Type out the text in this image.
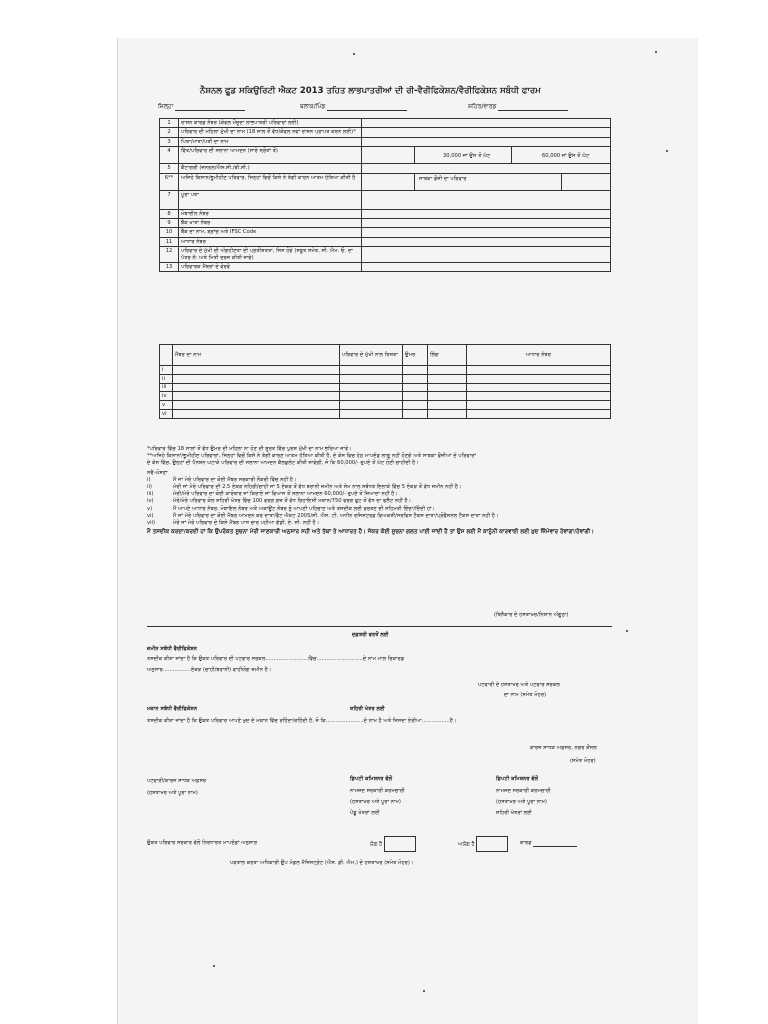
ਨੈਸ਼ਨਲ ਫੂਡ ਸਕਿਉਰਿਟੀ ਐਕਟ 2013 ਤਹਿਤ ਲਾਭਪਾਤਰੀਆਂ ਦੀ ਰੀ-ਵੈਰੀਫਿਕੇਸ਼ਨ/ਵੈਰੀਫਿਕੇਸ਼ਨ ਸਬੰਧੀ ਫਾਰਮ
ਜ਼ਿਲ੍ਹਾ	ਬਲਾਕ/ਪਿੰਡ	ਸ਼ਹਿਰ/ਵਾਰਡ
1	ਰਾਸ਼ਨ ਕਾਰਡ ਨੰਬਰ (ਕੇਵਲ ਮੌਜੂਦਾ ਲਾਭਪਾਤਰੀ ਪਰਿਵਾਰਾਂ ਲਈ)	
2	ਪਰਿਵਾਰ ਦੀ ਮਹਿਲਾ ਮੁੱਖੀ ਦਾ ਨਾਮ (18 ਸਾਲ ਤੋਂ ਵੱਧ/ਕੇਵਲ ਨਵਾਂ ਰਾਸ਼ਨ ਪ੍ਰਾਪਤ ਕਰਨ ਲਈ)*	
3	ਪਿਤਾ/ਮਾਤਾ/ਪਤੀ ਦਾ ਨਾਮ	
4	ਵਿੱਤ/ਪਰਿਵਾਰ ਦੀ ਸਲਾਨਾ ਆਮਦਨ (ਸਾਰੇ ਸ੍ਰੋਤਾਂ ਤੋਂ)	30,000 ਜਾਂ ਉਸ ਤੋਂ ਘੱਟ 60,000 ਜਾਂ ਉਸ ਤੋਂ ਘੱਟ

5	ਕੈਟਾਗਰੀ (ਜਨਰਲ/ਐਸ.ਸੀ./ਬੀ.ਸੀ.)	
6**	ਅਜਿਹੇ ਕਿਸਾਨ/ਭੂਮੀਹੀਣ ਪਰਿਵਾਰ, ਜਿਨ੍ਹਾਂ ਵਿਚੋਂ ਕਿਸੇ ਨੇ ਤੰਗੀ ਕਾਰਨ ਆਤਮ ਹੱਤਿਆ ਕੀਤੀ ਹੈ	ਸਾਬਕਾ ਫੌਜੀ ਦਾ ਪਰਿਵਾਰ

7	ਪੂਰਾ ਪਤਾ	
8	ਮੋਬਾਈਲ ਨੰਬਰ	
9	ਬੈਂਕ ਖਾਤਾ ਨੰਬਰ	
10	ਬੈਂਕ ਦਾ ਨਾਮ, ਬ੍ਰਾਂਚ ਅਤੇ IFSC Code	
11	ਆਧਾਰ ਨੰਬਰ	
12	ਪਰਿਵਾਰ ਦੇ ਮੁੱਖੀ ਦੀ ਅੰਗਹੀਣਤਾ ਦੀ ਪ੍ਰਤੀਸ਼ਤਤਾ, ਜਿਸ ਹੋਵੇ (ਸਬੂਤ ਸਮੇਤ, ਸੀ. ਐਮ. ਓ. ਦਾ ਪੱਤਰ ਨੱ: ਅਤੇ ਮਿਤੀ ਦਰਜ ਕੀਤੀ ਜਾਵੇ)	
13	ਪਰਿਵਾਰਕ ਮੈਂਬਰਾਂ ਦੇ ਵੇਰਵੇ	
	ਮੈਂਬਰ ਦਾ ਨਾਮ	ਪਰਿਵਾਰ ਦੇ ਮੁੱਖੀ ਨਾਲ ਰਿਸ਼ਤਾ	ਉਮਰ	ਲਿੰਗ	ਆਧਾਰ ਨੰਬਰ
i					
ii					
iii					
iv					
v					
vi					

*ਪਰਿਵਾਰ ਵਿੱਚ 18 ਸਾਲਾਂ ਤੋਂ ਵੱਧ ਉਮਰ ਦੀ ਮਹਿਲਾ ਨਾ ਹੋਣ ਦੀ ਸੂਰਤ ਵਿੱਚ ਪੁਰਸ਼ ਮੁੱਖੀ ਦਾ ਨਾਮ ਭਰਿਆ ਜਾਵੇ।

**ਅਜਿਹੇ ਕਿਸਾਨਾਂ/ਭੂਮੀਹੀਣ ਪਰਿਵਾਰਾਂ, ਜਿਨ੍ਹਾਂ ਵਿਚੋਂ ਕਿਸੇ ਨੇ ਤੰਗੀ ਕਾਰਣ ਆਤਮ ਹੱਤਿਆ ਕੀਤੀ ਹੈ, ਦੇ ਕੇਸ ਵਿਚ ਹੇਠ ਮਾਪਦੰਡ ਲਾਗੂ ਨਹੀਂ ਹੋਣਗੇ ਅਤੇ ਸਾਬਕਾ ਫੌਜੀਆਂ ਦੇ ਪਰਿਵਾਰਾਂ

ਦੇ ਕੇਸ ਵਿੱਚ, ਉਨ੍ਹਾਂ ਦੀ ਪੈਨਸ਼ਨ ਘਟਾਕੇ ਪਰਿਵਾਰ ਦੀ ਸਲਾਨਾ ਆਮਦਨ ਕੈਲਕੁਲੇਟ ਕੀਤੀ ਜਾਵੇਗੀ, ਜੋ ਕਿ 60,000/- ਰੁਪਏ ਤੋਂ ਘੱਟ ਹੋਣੀ ਚਾਹੀਦੀ ਹੈ।

ਸਵੈ-ਘੋਸ਼ਣਾ

i)	ਮੈਂ ਜਾਂ ਮੇਰੇ ਪਰਿਵਾਰ ਦਾ ਕੋਈ ਮੈਂਬਰ ਸਰਕਾਰੀ ਨੌਕਰੀ ਵਿੱਚ ਨਹੀਂ ਹੈ।
ii)	ਮੇਰੀ ਜਾਂ ਮੇਰੇ ਪਰਿਵਾਰ ਦੀ 2.5 ਏਕੜ ਨਹਿਰੀ/ਚਾਹੀ ਜਾਂ 5 ਏਕੜ ਤੋਂ ਵੱਧ ਬਰਾਨੀ ਜ਼ਮੀਨ ਅਤੇ ਸੇਮ ਨਾਲ ਸਬੰਧਤ ਇਲਾਕੇ ਵਿੱਚ 5 ਏਕੜ ਤੋਂ ਵੱਧ ਜ਼ਮੀਨ ਨਹੀਂ ਹੈ।
iii)	ਮੇਰੀ/ਮੇਰੇ ਪਰਿਵਾਰ ਦਾ ਕੋਈ ਕਾਰੋਬਾਰ ਜਾਂ ਕਿਰਾਏ ਜਾਂ ਵਿਆਜ ਤੋਂ ਸਲਾਨਾ ਆਮਦਨ 60,000/- ਰੁਪਏ ਤੋਂ ਜ਼ਿਆਦਾ ਨਹੀਂ ਹੈ।
iv)	ਮੇਰੇ/ਮੇਰੇ ਪਰਿਵਾਰ ਕੋਲ ਸ਼ਹਿਰੀ ਖੇਤਰ ਵਿੱਚ 100 ਵਰਗ ਗਜ਼ ਤੋਂ ਵੱਧ ਰਿਹਾਇਸ਼ੀ ਮਕਾਨ/750 ਵਰਗ ਫੁਟ ਤੋਂ ਵੱਧ ਦਾ ਫਲੈਟ ਨਹੀਂ ਹੈ।
v)	ਮੈਂ ਆਪਣੇ ਆਧਾਰ ਨੰਬਰ, ਮੋਬਾਇਲ ਨੰਬਰ ਅਤੇ ਅਕਾਊਂਟ ਨੰਬਰ ਨੂੰ ਆਪਣੀ ਪਹਿਚਾਣ ਅਤੇ ਤਸਦੀਕ ਲਈ ਵਰਤਣ ਦੀ ਸਹਿਮਤੀ ਦਿੰਦਾ/ਦਿੰਦੀ ਹਾਂ।
vi)	ਮੈਂ ਜਾਂ ਮੇਰੇ ਪਰਿਵਾਰ ਦਾ ਕੋਈ ਮੈਂਬਰ ਆਮਦਨ ਕਰ ਦਾਤਾ/ਵੈਟ ਐਕਟ 2005/ਸੀ. ਐਸ. ਟੀ. ਅਧੀਨ ਰਜਿਸਟਰਡ ਵਿਅਕਤੀ/ਸਰਵਿਸ ਟੈਕਸ ਦਾਤਾ/ਪ੍ਰੋਫੈਸ਼ਨਲ ਟੈਕਸ ਦਾਤਾ ਨਹੀਂ ਹੈ।
vii)	ਮੇਰੇ ਜਾਂ ਮੇਰੇ ਪਰਿਵਾਰ ਦੇ ਕਿਸੇ ਮੈਂਬਰ ਪਾਸ ਚਾਰ ਪਹੀਆ ਗੱਡੀ, ਏ. ਸੀ. ਨਹੀਂ ਹੈ।

ਮੈਂ ਤਸਦੀਕ ਕਰਦਾ/ਕਰਦੀ ਹਾਂ ਕਿ ਉਪਰੋਕਤ ਸੂਚਨਾ ਮੇਰੀ ਜਾਣਕਾਰੀ ਅਨੁਸਾਰ ਸਹੀ ਅਤੇ ਤੱਥਾਂ ਤੇ ਆਧਾਰਤ ਹੈ। ਜੇਕਰ ਕੋਈ ਸੂਚਨਾ ਗਲਤ ਪਾਈ ਜਾਂਦੀ ਹੈ ਤਾਂ ਉਸ ਲਈ ਮੈਂ ਕਾਨੂੰਨੀ ਕਾਰਵਾਈ ਲਈ ਖ਼ੁਦ ਜ਼ਿੰਮੇਵਾਰ ਹੋਵਾਂਗਾ/ਹੋਵਾਂਗੀ।

(ਬਿਨੈਕਾਰ ਦੇ ਹਸਤਾਖਰ/ਨਿਸ਼ਾਨ ਅੰਗੂਠਾ)
ਦਫ਼ਤਰੀ ਵਰਤੋਂ ਲਈ
ਜ਼ਮੀਨ ਸਬੰਧੀ ਵੈਰੀਫਿਕੇਸ਼ਨ
ਤਸਦੀਕ ਕੀਤਾ ਜਾਂਦਾ ਹੈ ਕਿ ਉਕਤ ਪਰਿਵਾਰ ਦੀ ਪਟਵਾਰ ਸਰਕਲ..........................ਵਿੱਚ............................ਦੇ ਨਾਮ ਮਾਲ ਰਿਕਾਰਡ
ਅਨੁਸਾਰ.................ਏਕੜ (ਚਾਹੀ/ਬਰਾਨੀ) ਵਾਹੀਯੋਗ ਜ਼ਮੀਨ ਹੈ।
ਪਟਵਾਰੀ ਦੇ ਹਸਤਾਖਰ ਅਤੇ ਪਟਵਾਰ ਸਰਕਲ
ਦਾ ਨਾਮ (ਸਮੇਤ ਮੋਹਰ)
ਮਕਾਨ ਸਬੰਧੀ ਵੈਰੀਫਿਕੇਸ਼ਨ	ਸ਼ਹਿਰੀ ਖੇਤਰ ਲਈ
ਤਸਦੀਕ ਕੀਤਾ ਜਾਂਦਾ ਹੈ ਕਿ ਉਕਤ ਪਰਿਵਾਰ ਆਪਣੇ ਖੁਦ ਦੇ ਮਕਾਨ ਵਿੱਚ ਰਹਿੰਦਾ/ਰਹਿੰਦੀ ਹੈ, ਜੋ ਕਿ.......................ਦੇ ਨਾਮ ਹੈ ਅਤੇ ਜਿਸਦਾ ਏਰੀਆ.................ਹੈ।
ਕਾਰਜ ਸਾਧਕ ਅਫ਼ਸਰ, ਨਗਰ ਕੌਂਸਲ
(ਸਮੇਤ ਮੋਹਰ)
ਪਟਵਾਰੀ/ਕਾਰਜ ਸਾਧਕ ਅਫ਼ਸਰ
(ਹਸਤਾਖਰ ਅਤੇ ਪੂਰਾ ਨਾਮ)
ਡਿਪਟੀ ਕਮਿਸ਼ਨਰ ਵੱਲੋਂ
ਨਾਮਜ਼ਦ ਸਰਕਾਰੀ ਕਰਮਚਾਰੀ
(ਹਸਤਾਖਰ ਅਤੇ ਪੂਰਾ ਨਾਮ)
ਪੇਂਡੂ ਖੇਤਰਾਂ ਲਈ
ਡਿਪਟੀ ਕਮਿਸ਼ਨਰ ਵੱਲੋਂ
ਨਾਮਜ਼ਦ ਸਰਕਾਰੀ ਕਰਮਚਾਰੀ
(ਹਸਤਾਖਰ ਅਤੇ ਪੂਰਾ ਨਾਮ)
ਸ਼ਹਿਰੀ ਖੇਤਰਾਂ ਲਈ
ਉਕਤ ਪਰਿਵਾਰ ਸਰਕਾਰ ਵੱਲੋਂ ਨਿਰਧਾਰਤ ਮਾਪਦੰਡਾਂ ਅਨੁਸਾਰ	ਯੋਗ ਹੈ	ਅਯੋਗ ਹੈ	ਕਾਰਡ
ਪੜਤਾਲ ਕਰਤਾ ਅਧਿਕਾਰੀ ਉਪ ਮੰਡਲ ਮੈਜਿਸਟ੍ਰੇਟ (ਐਸ. ਡੀ. ਐਮ.) ਦੇ ਹਸਤਾਖਰ (ਸਮੇਤ ਮੋਹਰ)।
